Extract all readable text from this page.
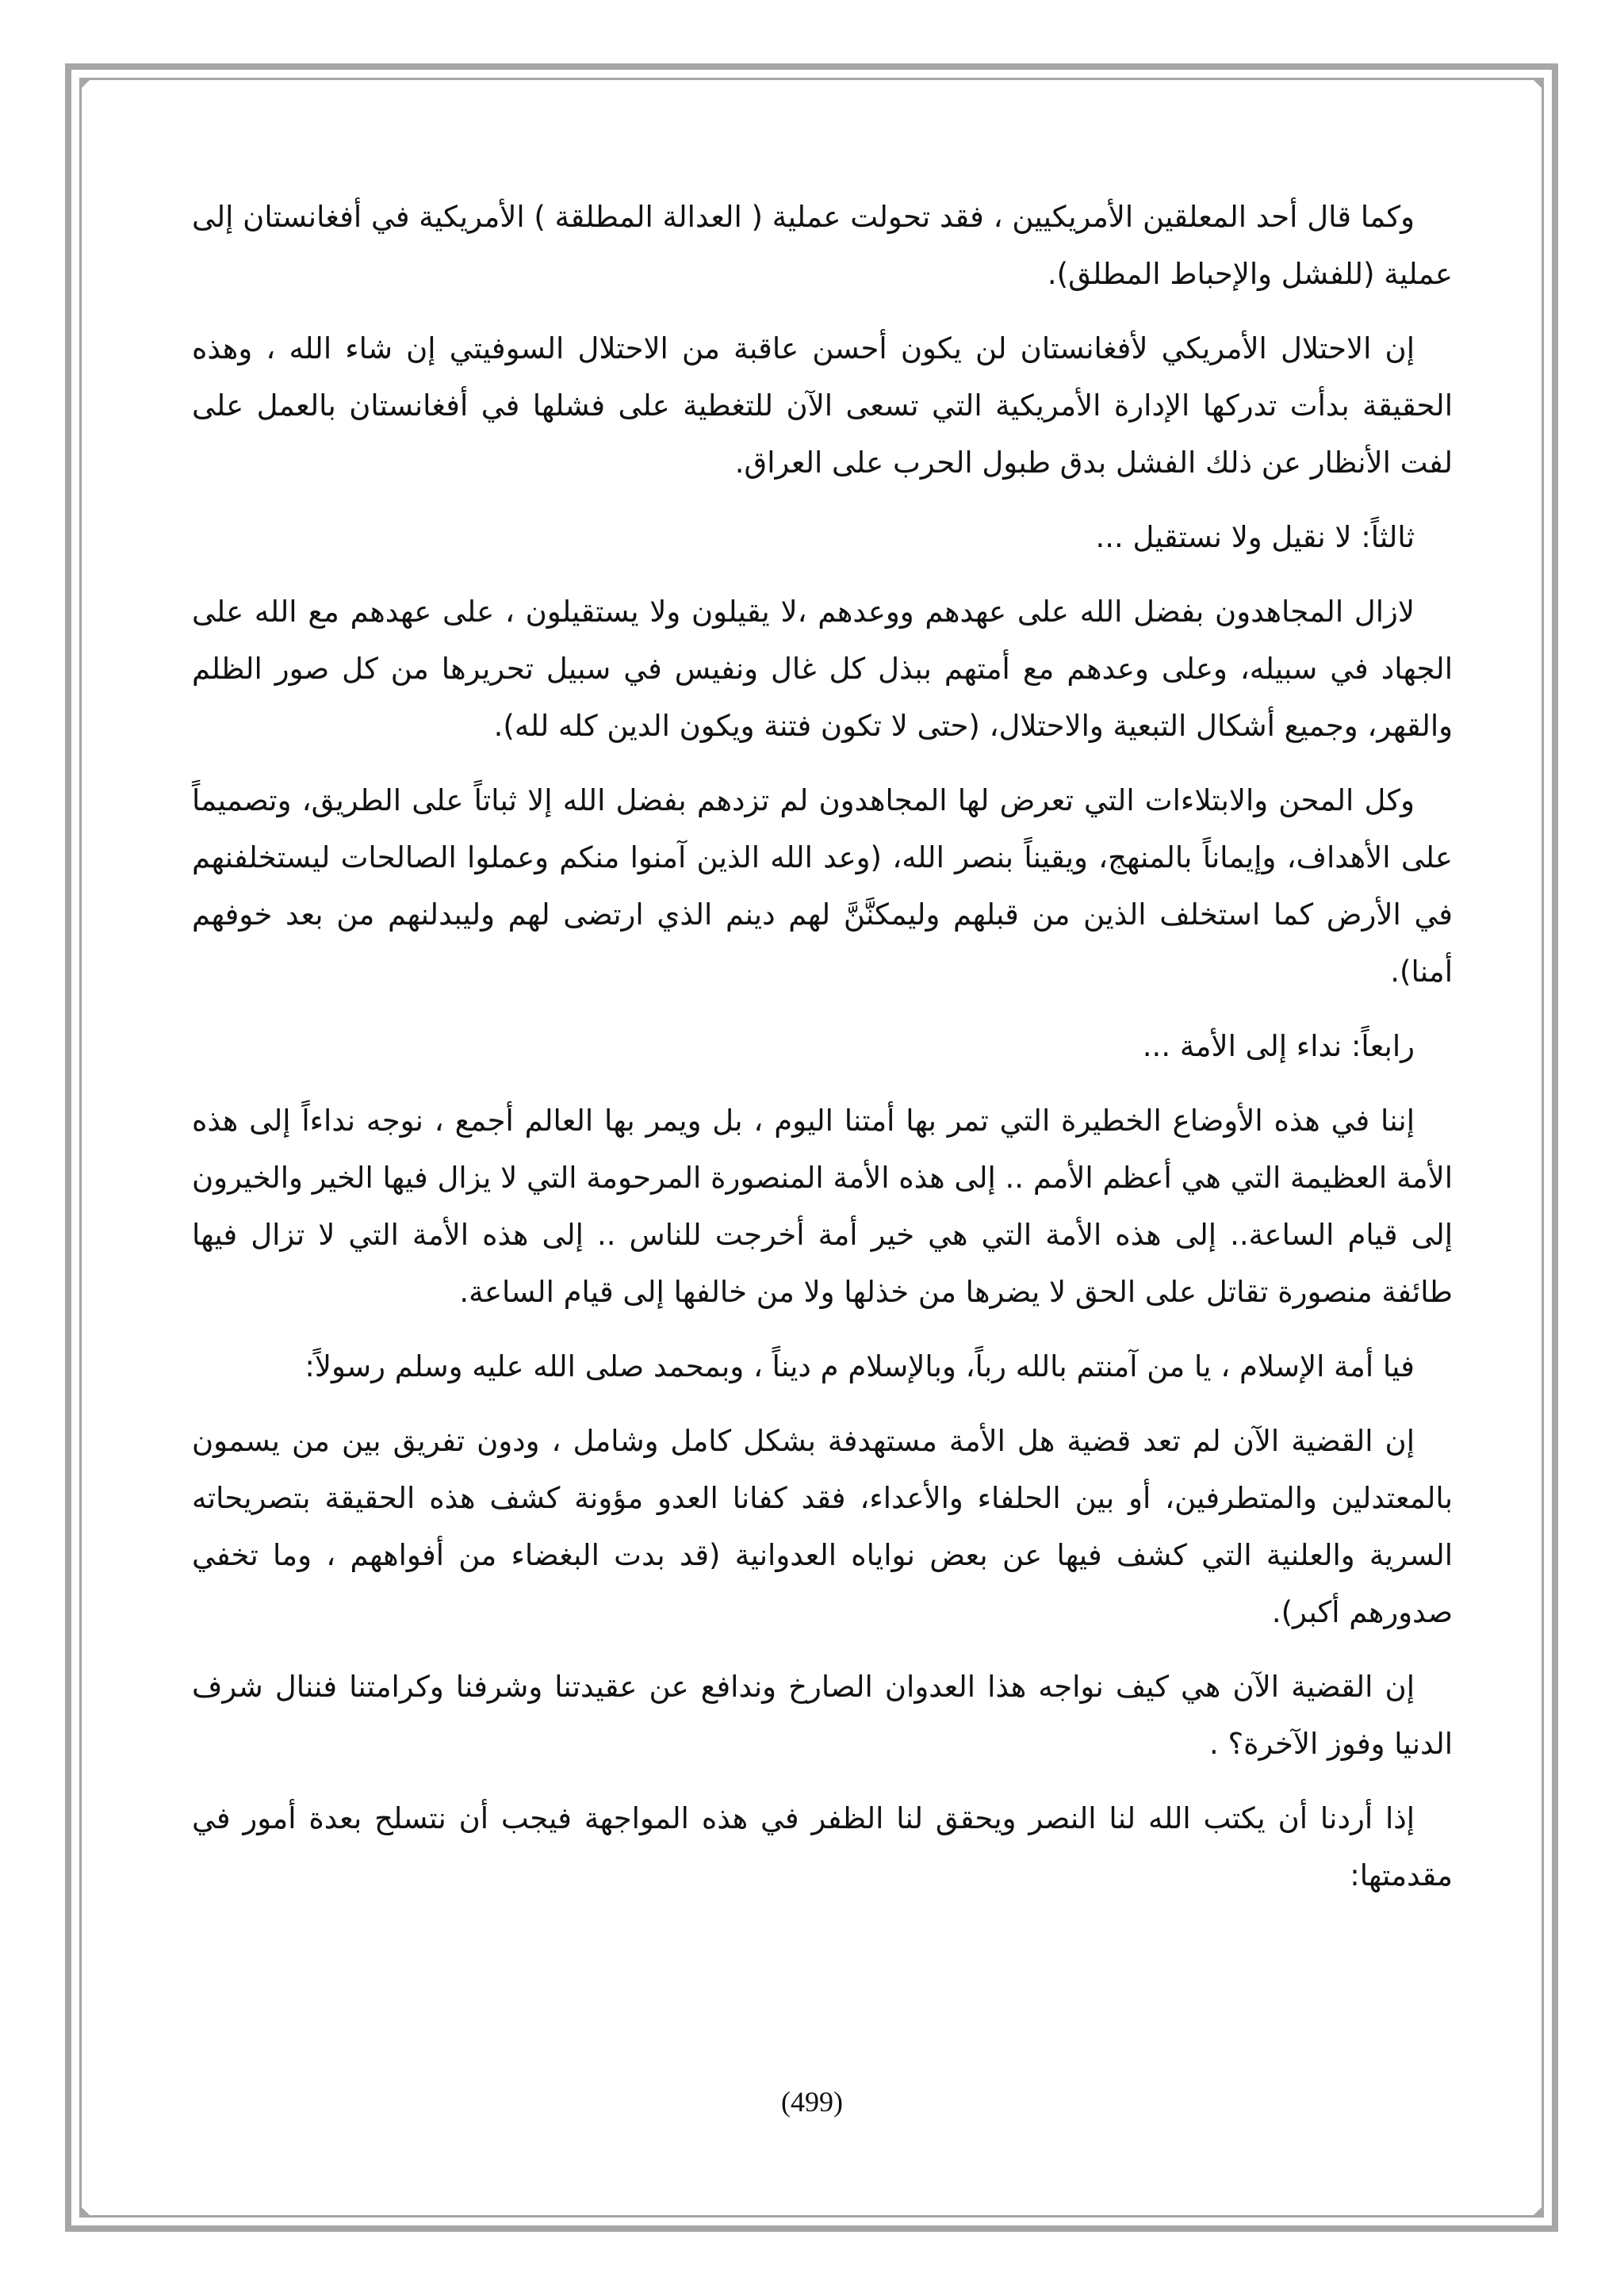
وكما قال أحد المعلقين الأمريكيين ، فقد تحولت عملية ( العدالة المطلقة ) الأمريكية في أفغانستان إلى عملية (للفشل والإحباط المطلق).

إن الاحتلال الأمريكي لأفغانستان لن يكون أحسن عاقبة من الاحتلال السوفيتي إن شاء الله ، وهذه الحقيقة بدأت تدركها الإدارة الأمريكية التي تسعى الآن للتغطية على فشلها في أفغانستان بالعمل على لفت الأنظار عن ذلك الفشل بدق طبول الحرب على العراق.

ثالثاً: لا نقيل ولا نستقيل ...

لازال المجاهدون بفضل الله على عهدهم ووعدهم ،لا يقيلون ولا يستقيلون ، على عهدهم مع الله على الجهاد في سبيله، وعلى وعدهم مع أمتهم ببذل كل غال ونفيس في سبيل تحريرها من كل صور الظلم والقهر، وجميع أشكال التبعية والاحتلال، (حتى لا تكون فتنة ويكون الدين كله لله).

وكل المحن والابتلاءات التي تعرض لها المجاهدون لم تزدهم بفضل الله إلا ثباتاً على الطريق، وتصميماً على الأهداف، وإيماناً بالمنهج، ويقيناً بنصر الله، (وعد الله الذين آمنوا منكم وعملوا الصالحات ليستخلفنهم في الأرض كما استخلف الذين من قبلهم وليمكنَّنَّ لهم دينم الذي ارتضى لهم وليبدلنهم من بعد خوفهم أمنا).

رابعاً: نداء إلى الأمة ...

إننا في هذه الأوضاع الخطيرة التي تمر بها أمتنا اليوم ، بل ويمر بها العالم أجمع ، نوجه نداءاً إلى هذه الأمة العظيمة التي هي أعظم الأمم .. إلى هذه الأمة المنصورة المرحومة التي لا يزال فيها الخير والخيرون إلى قيام الساعة.. إلى هذه الأمة التي هي خير أمة أخرجت للناس .. إلى هذه الأمة التي لا تزال فيها طائفة منصورة تقاتل على الحق لا يضرها من خذلها ولا من خالفها إلى قيام الساعة.

فيا أمة الإسلام ، يا من آمنتم بالله رباً، وبالإسلام م ديناً ، وبمحمد صلى الله عليه وسلم رسولاً:

إن القضية الآن لم تعد قضية هل الأمة مستهدفة بشكل كامل وشامل ، ودون تفريق بين من يسمون بالمعتدلين والمتطرفين، أو بين الحلفاء والأعداء، فقد كفانا العدو مؤونة كشف هذه الحقيقة بتصريحاته السرية والعلنية التي كشف فيها عن بعض نواياه العدوانية (قد بدت البغضاء من أفواههم ، وما تخفي صدورهم أكبر).

إن القضية الآن هي كيف نواجه هذا العدوان الصارخ وندافع عن عقيدتنا وشرفنا وكرامتنا فننال شرف الدنيا وفوز الآخرة؟ .

إذا أردنا أن يكتب الله لنا النصر ويحقق لنا الظفر في هذه المواجهة فيجب أن نتسلح بعدة أمور في مقدمتها:

(499)
